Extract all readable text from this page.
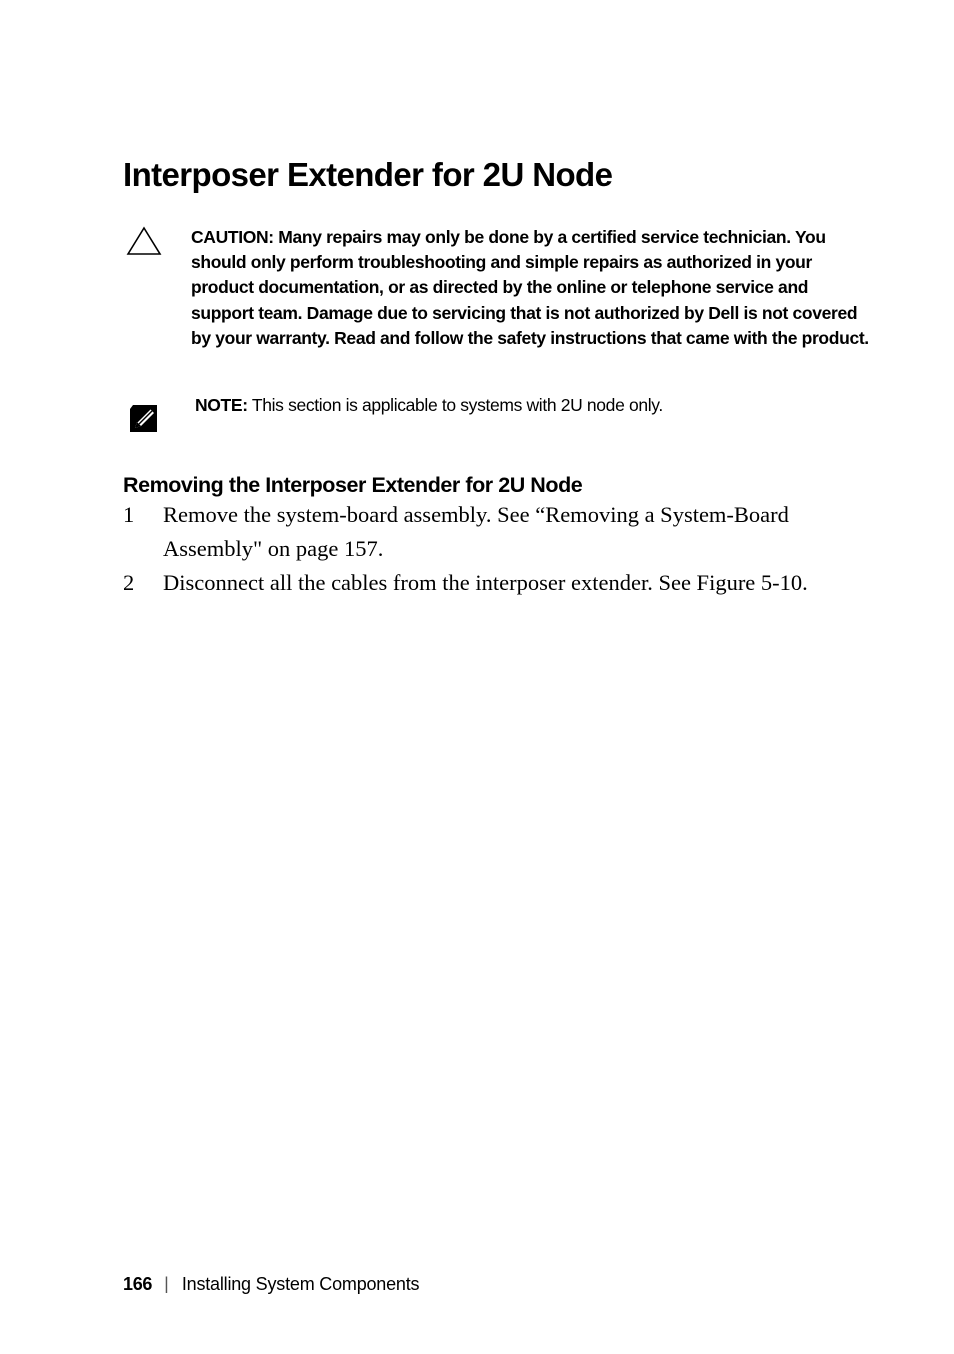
Interposer Extender for 2U Node

CAUTION: Many repairs may only be done by a certified service technician. You should only perform troubleshooting and simple repairs as authorized in your product documentation, or as directed by the online or telephone service and support team. Damage due to servicing that is not authorized by Dell is not covered by your warranty. Read and follow the safety instructions that came with the product.

NOTE: This section is applicable to systems with 2U node only.

Removing the Interposer Extender for 2U Node
1 Remove the system-board assembly. See “Removing a System-Board Assembly" on page 157.
2 Disconnect all the cables from the interposer extender. See Figure 5-10.
166 | Installing System Components
